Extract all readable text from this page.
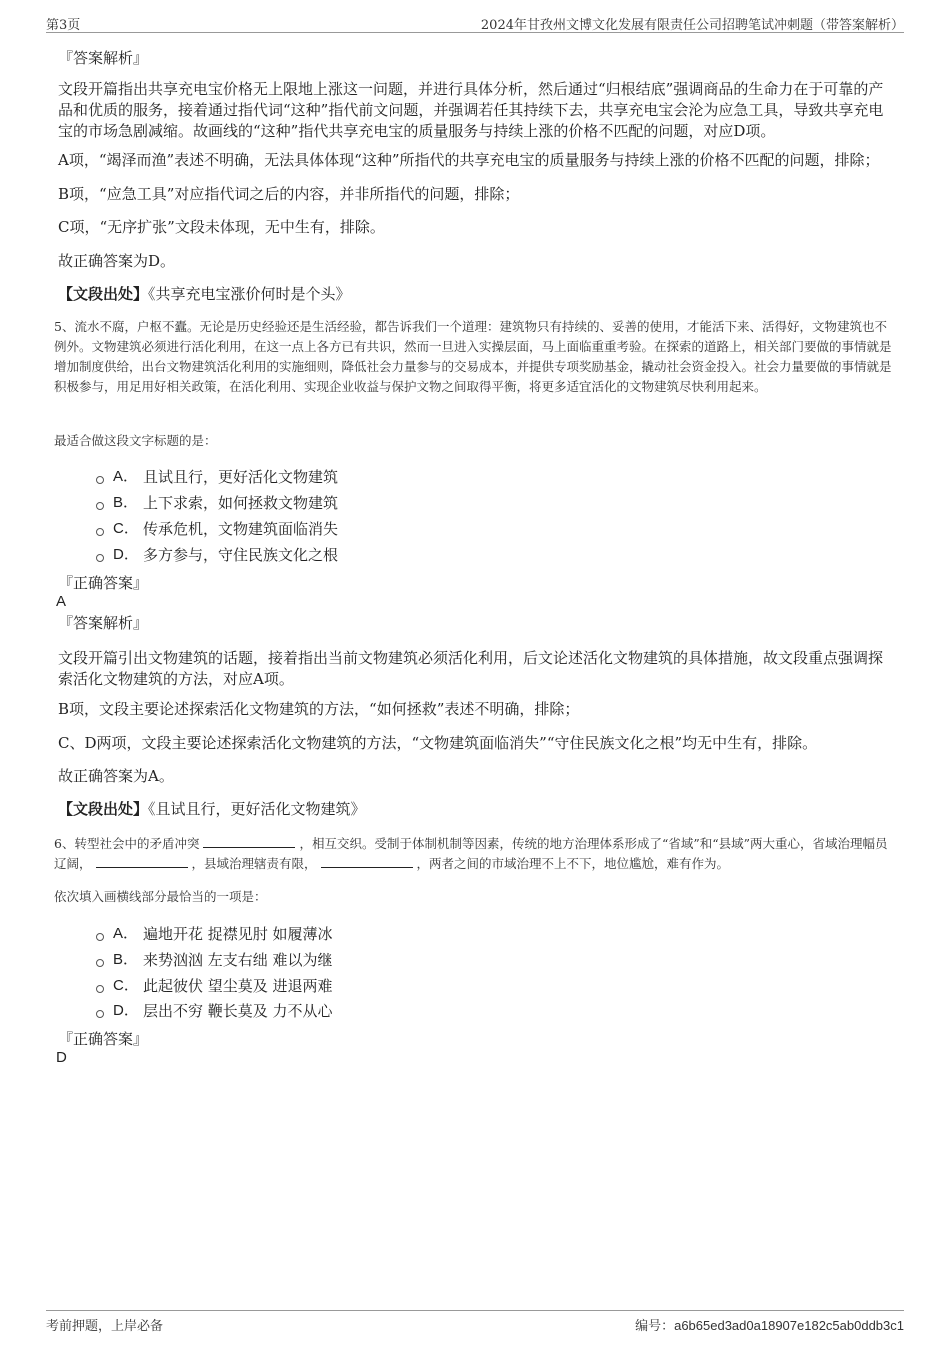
第3页	2024年甘孜州文博文化发展有限责任公司招聘笔试冲刺题（带答案解析）
『答案解析』
文段开篇指出共享充电宝价格无上限地上涨这一问题，并进行具体分析，然后通过“归根结底”强调商品的生命力在于可靠的产品和优质的服务，接着通过指代词“这种”指代前文问题，并强调若任其持续下去，共享充电宝会沦为应急工具，导致共享充电宝的市场急剧减缩。故画线的“这种”指代共享充电宝的质量服务与持续上涨的价格不匹配的问题，对应D项。
A项，“竭泽而渔”表述不明确，无法具体体现“这种”所指代的共享充电宝的质量服务与持续上涨的价格不匹配的问题，排除；
B项，“应急工具”对应指代词之后的内容，并非所指代的问题，排除；
C项，“无序扩张”文段未体现，无中生有，排除。
故正确答案为D。
【文段出处】《共享充电宝涨价何时是个头》
5、流水不腐，户枢不蠹。无论是历史经验还是生活经验，都告诉我们一个道理：建筑物只有持续的、妥善的使用，才能活下来、活得好，文物建筑也不例外。文物建筑必须进行活化利用，在这一点上各方已有共识，然而一旦进入实操层面，马上面临重重考验。在探索的道路上，相关部门要做的事情就是增加制度供给，出台文物建筑活化利用的实施细则，降低社会力量参与的交易成本，并提供专项奖励基金，撬动社会资金投入。社会力量要做的事情就是积极参与，用足用好相关政策，在活化利用、实现企业收益与保护文物之间取得平衡，将更多适宜活化的文物建筑尽快利用起来。
最适合做这段文字标题的是：
A． 且试且行，更好活化文物建筑
B． 上下求索，如何拯救文物建筑
C． 传承危机，文物建筑面临消失
D． 多方参与，守住民族文化之根
『正确答案』
A
『答案解析』
文段开篇引出文物建筑的话题，接着指出当前文物建筑必须活化利用，后文论述活化文物建筑的具体措施，故文段重点强调探索活化文物建筑的方法，对应A项。
B项，文段主要论述探索活化文物建筑的方法，“如何拯救”表述不明确，排除；
C、D两项，文段主要论述探索活化文物建筑的方法，“文物建筑面临消失”“守住民族文化之根”均无中生有，排除。
故正确答案为A。
【文段出处】《且试且行，更好活化文物建筑》
6、转型社会中的矛盾冲突	，相互交织。受制于体制机制等因素，传统的地方治理体系形成了“省域”和“县域”两大重心，省域治理幅员辽阔，	，县域治理辖责有限，	，两者之间的市域治理不上不下，地位尴尬，难有作为。
依次填入画横线部分最恰当的一项是：
A． 遍地开花 捉襟见肘 如履薄冰
B． 来势汹汹 左支右绌 难以为继
C． 此起彼伏 望尘莫及 进退两难
D． 层出不穷 鞭长莫及 力不从心
『正确答案』
D
考前押题，上岸必备	编号：a6b65ed3ad0a18907e182c5ab0ddb3c1
